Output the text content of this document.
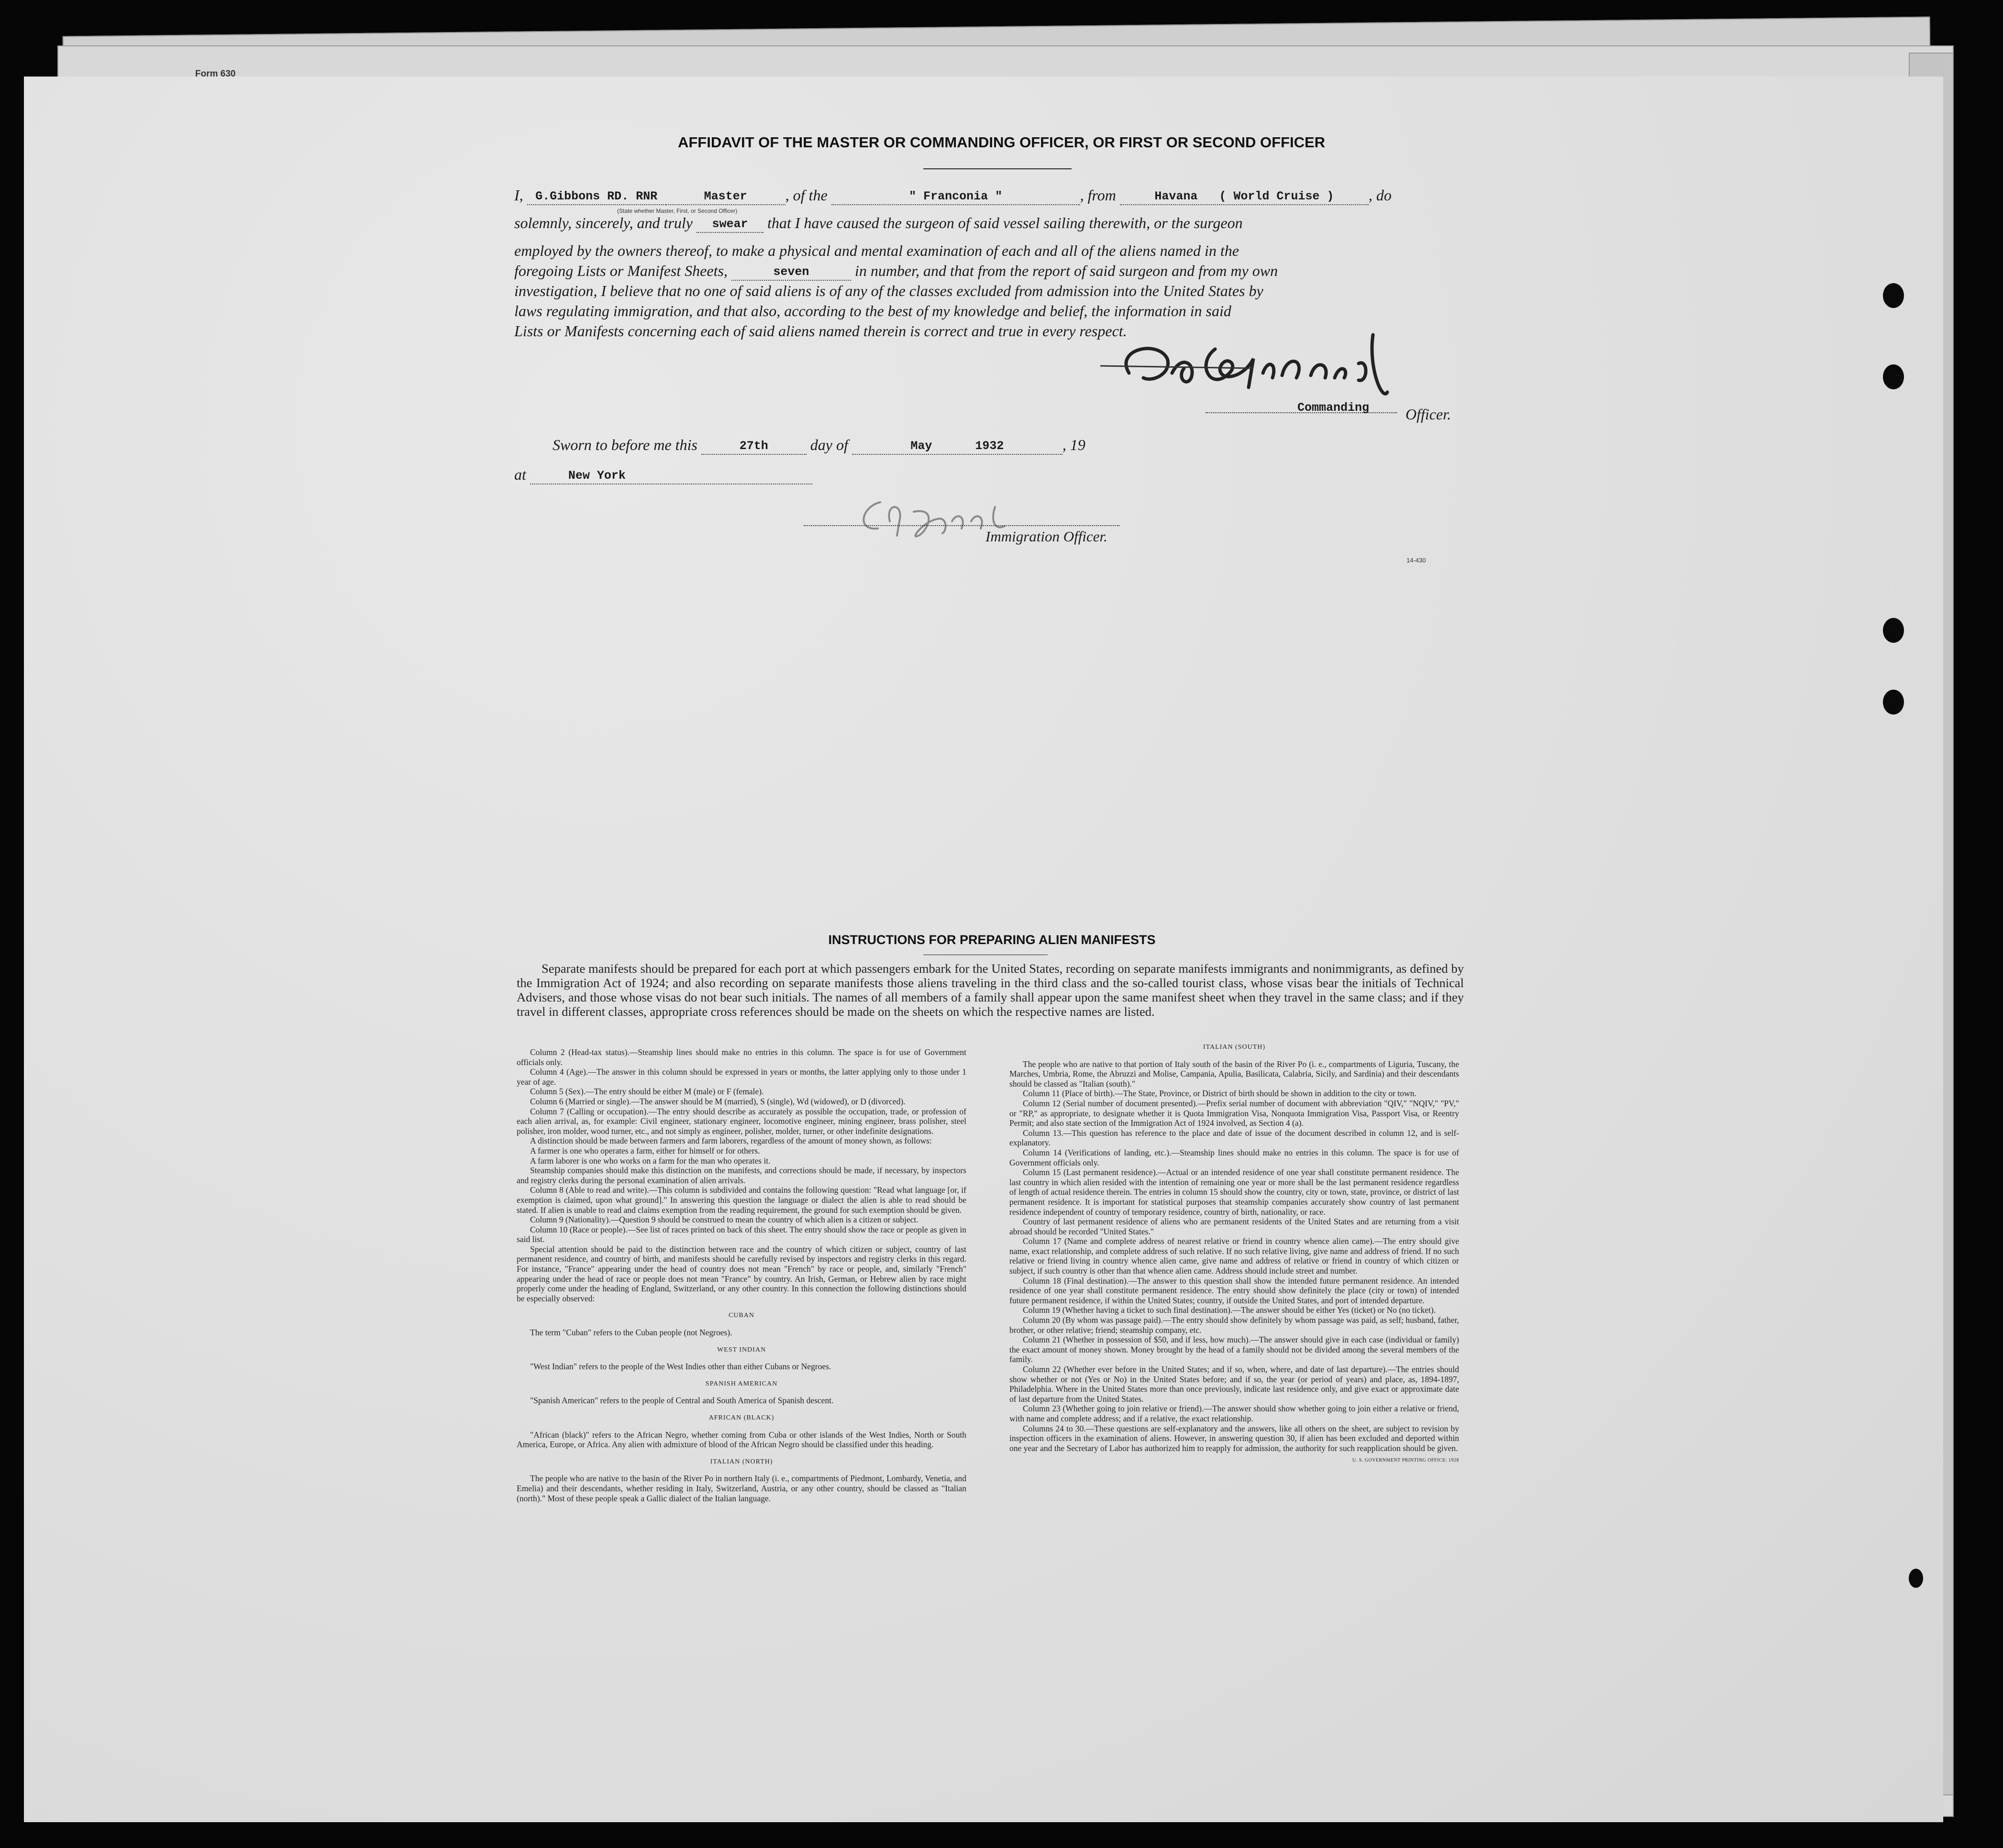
Form 630
AFFIDAVIT OF THE MASTER OR COMMANDING OFFICER, OR FIRST OR SECOND OFFICER
I, G.Gibbons RD. RNR	Master	, of the	" Franconia "	, from	Havana ( World Cruise ) , do
(State whether Master, First, or Second Officer)
solemnly, sincerely, and truly swear that I have caused the surgeon of said vessel sailing therewith, or the surgeon
employed by the owners thereof, to make a physical and mental examination of each and all of the aliens named in the
foregoing Lists or Manifest Sheets,	seven	in number, and that from the report of said surgeon and from my own
investigation, I believe that no one of said aliens is of any of the classes excluded from admission into the United States by
laws regulating immigration, and that also, according to the best of my knowledge and belief, the information in said
Lists or Manifests concerning each of said aliens named therein is correct and true in every respect.
Commanding Officer.
Sworn to before me this	27th	day of	May      1932	, 19
at	New York
Immigration Officer.
14-430
INSTRUCTIONS FOR PREPARING ALIEN MANIFESTS
Separate manifests should be prepared for each port at which passengers embark for the United States, recording on separate manifests immigrants and nonimmigrants, as defined by the Immigration Act of 1924; and also recording on separate manifests those aliens traveling in the third class and the so-called tourist class, whose visas bear the initials of Technical Advisers, and those whose visas do not bear such initials. The names of all members of a family shall appear upon the same manifest sheet when they travel in the same class; and if they travel in different classes, appropriate cross references should be made on the sheets on which the respective names are listed.

Column 2 (Head-tax status).—Steamship lines should make no entries in this column. The space is for use of Government officials only.

Column 4 (Age).—The answer in this column should be expressed in years or months, the latter applying only to those under 1 year of age.

Column 5 (Sex).—The entry should be either M (male) or F (female).

Column 6 (Married or single).—The answer should be M (married), S (single), Wd (widowed), or D (divorced).

Column 7 (Calling or occupation).—The entry should describe as accurately as possible the occupation, trade, or profession of each alien arrival, as, for example: Civil engineer, stationary engineer, locomotive engineer, mining engineer, brass polisher, steel polisher, iron molder, wood turner, etc., and not simply as engineer, polisher, molder, turner, or other indefinite designations.

A distinction should be made between farmers and farm laborers, regardless of the amount of money shown, as follows:

A farmer is one who operates a farm, either for himself or for others.

A farm laborer is one who works on a farm for the man who operates it.

Steamship companies should make this distinction on the manifests, and corrections should be made, if necessary, by inspectors and registry clerks during the personal examination of alien arrivals.

Column 8 (Able to read and write).—This column is subdivided and contains the following question: "Read what language [or, if exemption is claimed, upon what ground]." In answering this question the language or dialect the alien is able to read should be stated. If alien is unable to read and claims exemption from the reading requirement, the ground for such exemption should be given.

Column 9 (Nationality).—Question 9 should be construed to mean the country of which alien is a citizen or subject.

Column 10 (Race or people).—See list of races printed on back of this sheet. The entry should show the race or people as given in said list.

Special attention should be paid to the distinction between race and the country of which citizen or subject, country of last permanent residence, and country of birth, and manifests should be carefully revised by inspectors and registry clerks in this regard. For instance, "France" appearing under the head of country does not mean "French" by race or people, and, similarly "French" appearing under the head of race or people does not mean "France" by country. An Irish, German, or Hebrew alien by race might properly come under the heading of England, Switzerland, or any other country. In this connection the following distinctions should be especially observed:

CUBAN

The term "Cuban" refers to the Cuban people (not Negroes).

WEST INDIAN

"West Indian" refers to the people of the West Indies other than either Cubans or Negroes.

SPANISH AMERICAN

"Spanish American" refers to the people of Central and South America of Spanish descent.

AFRICAN (BLACK)

"African (black)" refers to the African Negro, whether coming from Cuba or other islands of the West Indies, North or South America, Europe, or Africa. Any alien with admixture of blood of the African Negro should be classified under this heading.

ITALIAN (NORTH)

The people who are native to the basin of the River Po in northern Italy (i. e., compartments of Piedmont, Lombardy, Venetia, and Emelia) and their descendants, whether residing in Italy, Switzerland, Austria, or any other country, should be classed as "Italian (north)." Most of these people speak a Gallic dialect of the Italian language.

ITALIAN (SOUTH)

The people who are native to that portion of Italy south of the basin of the River Po (i. e., compartments of Liguria, Tuscany, the Marches, Umbria, Rome, the Abruzzi and Molise, Campania, Apulia, Basilicata, Calabria, Sicily, and Sardinia) and their descendants should be classed as "Italian (south)."

Column 11 (Place of birth).—The State, Province, or District of birth should be shown in addition to the city or town.

Column 12 (Serial number of document presented).—Prefix serial number of document with abbreviation "QIV," "NQIV," "PV," or "RP," as appropriate, to designate whether it is Quota Immigration Visa, Nonquota Immigration Visa, Passport Visa, or Reentry Permit; and also state section of the Immigration Act of 1924 involved, as Section 4 (a).

Column 13.—This question has reference to the place and date of issue of the document described in column 12, and is self-explanatory.

Column 14 (Verifications of landing, etc.).—Steamship lines should make no entries in this column. The space is for use of Government officials only.

Column 15 (Last permanent residence).—Actual or an intended residence of one year shall constitute permanent residence. The last country in which alien resided with the intention of remaining one year or more shall be the last permanent residence regardless of length of actual residence therein. The entries in column 15 should show the country, city or town, state, province, or district of last permanent residence. It is important for statistical purposes that steamship companies accurately show country of last permanent residence independent of country of temporary residence, country of birth, nationality, or race.

Country of last permanent residence of aliens who are permanent residents of the United States and are returning from a visit abroad should be recorded "United States."

Column 17 (Name and complete address of nearest relative or friend in country whence alien came).—The entry should give name, exact relationship, and complete address of such relative. If no such relative living, give name and address of friend. If no such relative or friend living in country whence alien came, give name and address of relative or friend in country of which citizen or subject, if such country is other than that whence alien came. Address should include street and number.

Column 18 (Final destination).—The answer to this question shall show the intended future permanent residence. An intended residence of one year shall constitute permanent residence. The entry should show definitely the place (city or town) of intended future permanent residence, if within the United States; country, if outside the United States, and port of intended departure.

Column 19 (Whether having a ticket to such final destination).—The answer should be either Yes (ticket) or No (no ticket).

Column 20 (By whom was passage paid).—The entry should show definitely by whom passage was paid, as self; husband, father, brother, or other relative; friend; steamship company, etc.

Column 21 (Whether in possession of $50, and if less, how much).—The answer should give in each case (individual or family) the exact amount of money shown. Money brought by the head of a family should not be divided among the several members of the family.

Column 22 (Whether ever before in the United States; and if so, when, where, and date of last departure).—The entries should show whether or not (Yes or No) in the United States before; and if so, the year (or period of years) and place, as, 1894-1897, Philadelphia. Where in the United States more than once previously, indicate last residence only, and give exact or approximate date of last departure from the United States.

Column 23 (Whether going to join relative or friend).—The answer should show whether going to join either a relative or friend, with name and complete address; and if a relative, the exact relationship.

Columns 24 to 30.—These questions are self-explanatory and the answers, like all others on the sheet, are subject to revision by inspection officers in the examination of aliens. However, in answering question 30, if alien has been excluded and deported within one year and the Secretary of Labor has authorized him to reapply for admission, the authority for such reapplication should be given.

U. S. GOVERNMENT PRINTING OFFICE: 1928
